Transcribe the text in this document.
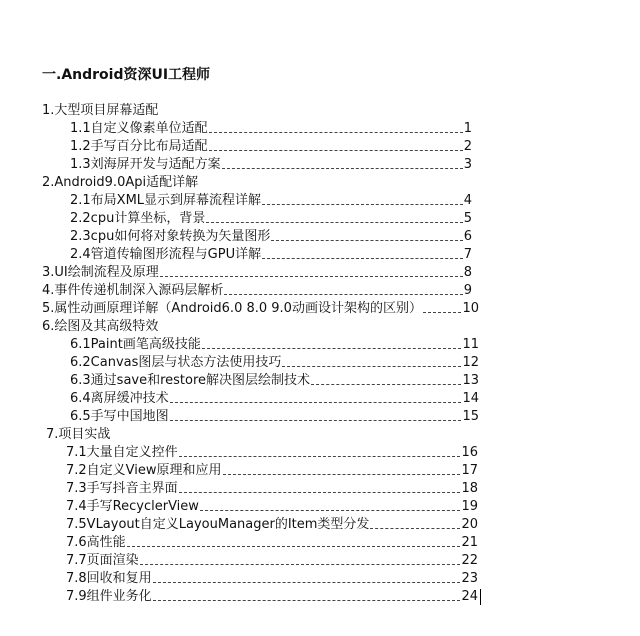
一.Android资深UI工程师
1.大型项目屏幕适配
1.1自定义像素单位适配	1
1.2手写百分比布局适配	2
1.3刘海屏开发与适配方案	3
2.Android9.0Api适配详解
2.1布局XML显示到屏幕流程详解	4
2.2cpu计算坐标，背景	5
2.3cpu如何将对象转换为矢量图形	6
2.4管道传输图形流程与GPU详解	7
3.UI绘制流程及原理	8
4.事件传递机制深入源码层解析	9
5.属性动画原理详解（Android6.0 8.0 9.0动画设计架构的区别）	10
6.绘图及其高级特效
6.1Paint画笔高级技能	11
6.2Canvas图层与状态方法使用技巧	12
6.3通过save和restore解决图层绘制技术	13
6.4离屏缓冲技术	14
6.5手写中国地图	15
7.项目实战
7.1大量自定义控件	16
7.2自定义View原理和应用	17
7.3手写抖音主界面	18
7.4手写RecyclerView	19
7.5VLayout自定义LayouManager的Item类型分发	20
7.6高性能	21
7.7页面渲染	22
7.8回收和复用	23
7.9组件业务化	24
